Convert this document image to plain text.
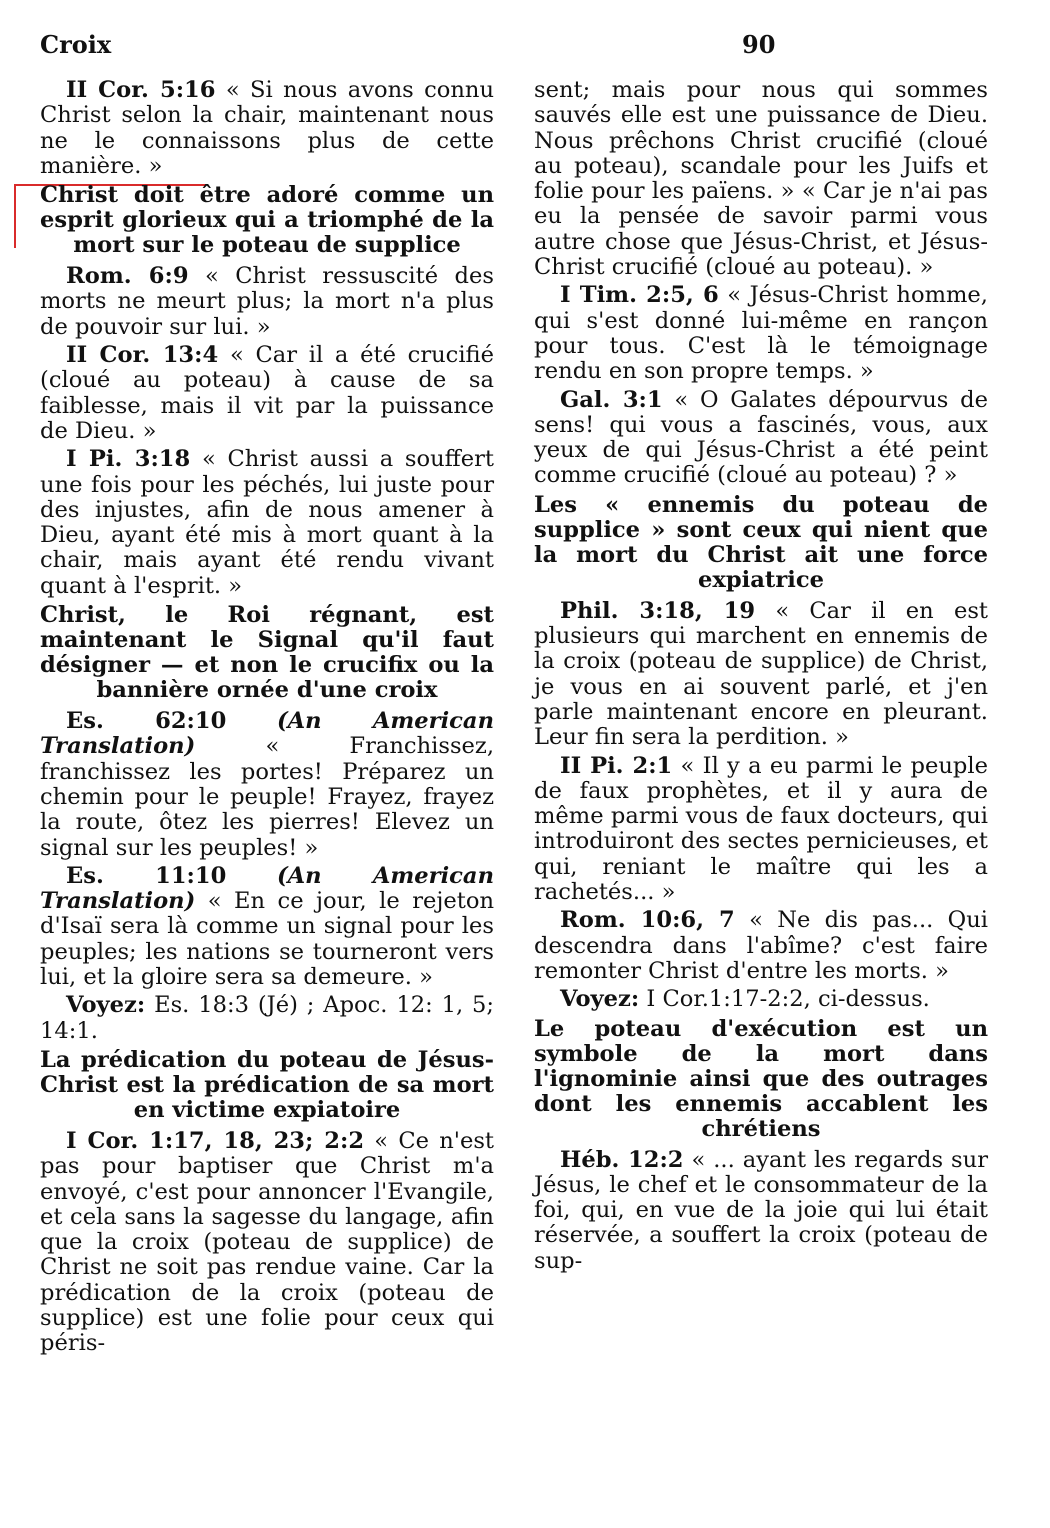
Croix	90

II Cor. 5:16 « Si nous avons connu Christ selon la chair, maintenant nous ne le connaissons plus de cette manière. »

Christ doit être adoré comme un esprit glorieux qui a triomphé de la mort sur le poteau de supplice

Rom. 6:9 « Christ ressuscité des morts ne meurt plus; la mort n'a plus de pouvoir sur lui. »

II Cor. 13:4 « Car il a été crucifié (cloué au poteau) à cause de sa faiblesse, mais il vit par la puissance de Dieu. »

I Pi. 3:18 « Christ aussi a souffert une fois pour les péchés, lui juste pour des injustes, afin de nous amener à Dieu, ayant été mis à mort quant à la chair, mais ayant été rendu vivant quant à l'esprit. »

Christ, le Roi régnant, est maintenant le Signal qu'il faut désigner — et non le crucifix ou la bannière ornée d'une croix

Es. 62:10 (An American Translation)	« Franchissez, franchissez les portes! Préparez un chemin pour le peuple! Frayez, frayez la route, ôtez les pierres! Elevez un signal sur les peuples! »

Es. 11:10 (An American Translation) « En ce jour, le rejeton d'Isaï sera là comme un signal pour les peuples; les nations se tourneront vers lui, et la gloire sera sa demeure. »

Voyez: Es. 18:3 (Jé) ; Apoc. 12: 1, 5; 14:1.

La prédication du poteau de Jésus-Christ est la prédication de sa mort en victime expiatoire

I Cor. 1:17, 18, 23; 2:2 « Ce n'est pas pour baptiser que Christ m'a envoyé, c'est pour annoncer l'Evangile, et cela sans la sagesse du langage, afin que la croix (poteau de supplice) de Christ ne soit pas rendue vaine. Car la prédication de la croix (poteau de supplice) est une folie pour ceux qui péris-

sent; mais pour nous qui sommes sauvés elle est une puissance de Dieu. Nous prêchons Christ crucifié (cloué au poteau), scandale pour les Juifs et folie pour les païens. » « Car je n'ai pas eu la pensée de savoir parmi vous autre chose que Jésus-Christ, et Jésus-Christ crucifié (cloué au poteau). »

I Tim. 2:5, 6 « Jésus-Christ homme, qui s'est donné lui-même en rançon pour tous. C'est là le témoignage rendu en son propre temps. »

Gal. 3:1 « O Galates dépourvus de sens! qui vous a fascinés, vous, aux yeux de qui Jésus-Christ a été peint comme crucifié (cloué au poteau) ? »

Les « ennemis du poteau de supplice » sont ceux qui nient que la mort du Christ ait une force expiatrice

Phil. 3:18, 19 « Car il en est plusieurs qui marchent en ennemis de la croix (poteau de supplice) de Christ, je vous en ai souvent parlé, et j'en parle maintenant encore en pleurant. Leur fin sera la perdition. »

II Pi. 2:1 « Il y a eu parmi le peuple de faux prophètes, et il y aura de même parmi vous de faux docteurs, qui introduiront des sectes pernicieuses, et qui, reniant le maître qui les a rachetés... »

Rom. 10:6, 7 « Ne dis pas... Qui descendra dans l'abîme? c'est faire remonter Christ d'entre les morts. »

Voyez: I Cor.1:17-2:2, ci-dessus.

Le poteau d'exécution est un symbole de la mort dans l'ignominie ainsi que des outrages dont les ennemis accablent les chrétiens

Héb. 12:2 « ... ayant les regards sur Jésus, le chef et le consommateur de la foi, qui, en vue de la joie qui lui était réservée, a souffert la croix (poteau de sup-
